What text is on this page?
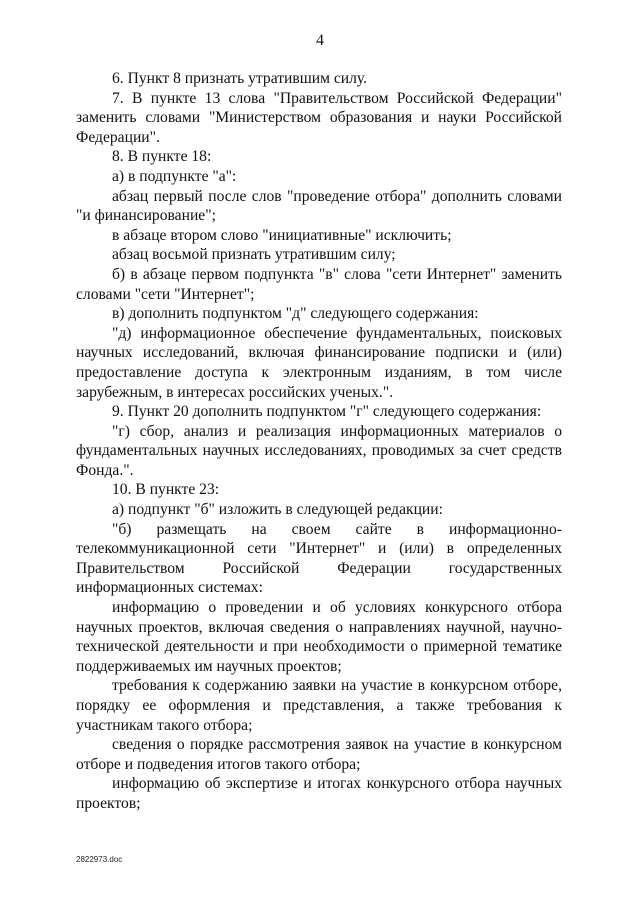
4

6. Пункт 8 признать утратившим силу.

7. В пункте 13 слова "Правительством Российской Федерации" заменить словами "Министерством образования и науки Российской Федерации".

8. В пункте 18:

а) в подпункте "а":

абзац первый после слов "проведение отбора" дополнить словами "и финансирование";

в абзаце втором слово "инициативные" исключить;

абзац восьмой признать утратившим силу;

б) в абзаце первом подпункта "в" слова "сети Интернет" заменить словами "сети "Интернет";

в) дополнить подпунктом "д" следующего содержания:

"д) информационное обеспечение фундаментальных, поисковых научных исследований, включая финансирование подписки и (или) предоставление доступа к электронным изданиям, в том числе зарубежным, в интересах российских ученых.".

9. Пункт 20 дополнить подпунктом "г" следующего содержания:

"г) сбор, анализ и реализация информационных материалов о фундаментальных научных исследованиях, проводимых за счет средств Фонда.".

10. В пункте 23:

а) подпункт "б" изложить в следующей редакции:

"б) размещать на своем сайте в информационно-телекоммуникационной сети "Интернет" и (или) в определенных Правительством Российской Федерации государственных информационных системах:

информацию о проведении и об условиях конкурсного отбора научных проектов, включая сведения о направлениях научной, научно-технической деятельности и при необходимости о примерной тематике поддерживаемых им научных проектов;

требования к содержанию заявки на участие в конкурсном отборе, порядку ее оформления и представления, а также требования к участникам такого отбора;

сведения о порядке рассмотрения заявок на участие в конкурсном отборе и подведения итогов такого отбора;

информацию об экспертизе и итогах конкурсного отбора научных проектов;

2822973.doc
